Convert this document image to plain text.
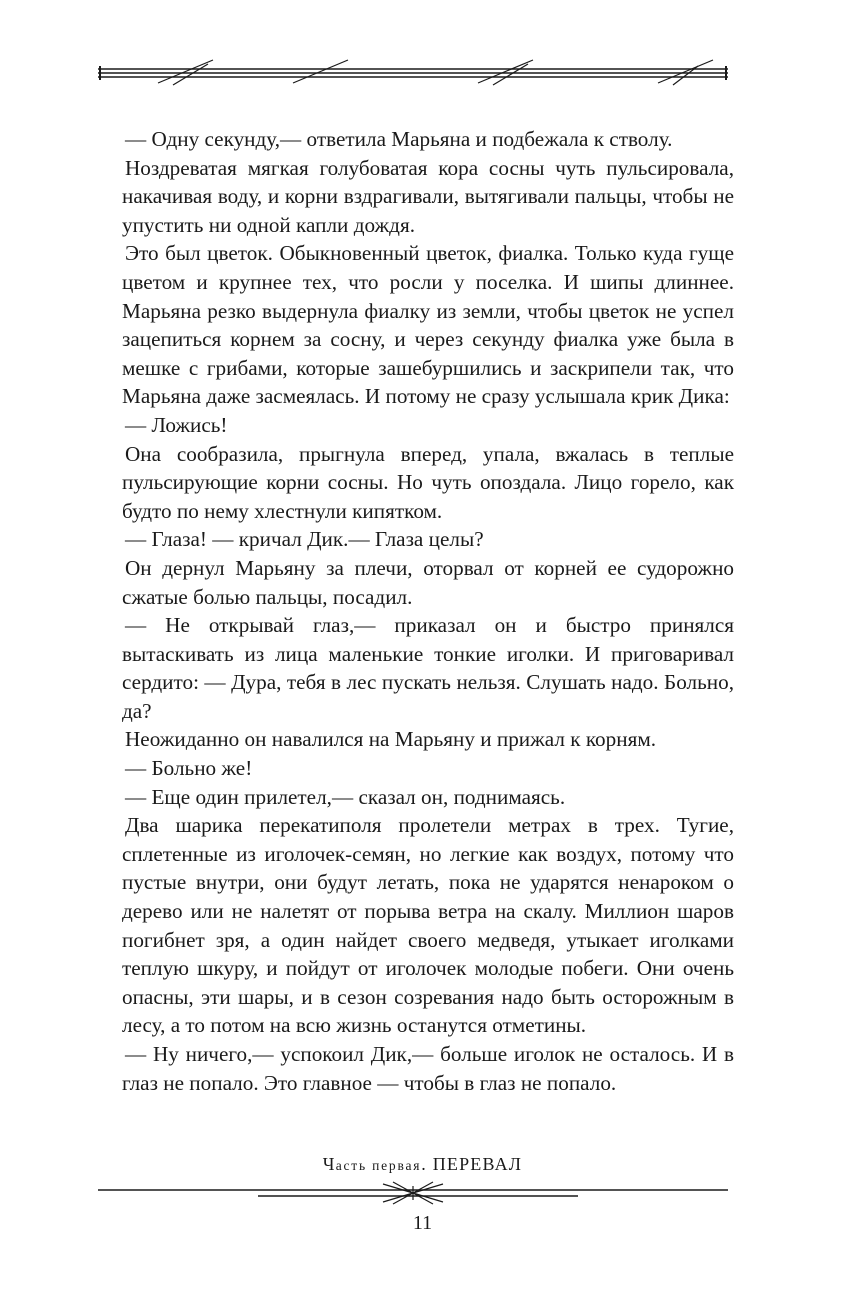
— Одну секунду,— ответила Марьяна и подбежала к стволу.

Ноздреватая мягкая голубоватая кора сосны чуть пульсировала, накачивая воду, и корни вздрагивали, вытягивали пальцы, чтобы не упустить ни одной капли дождя.

Это был цветок. Обыкновенный цветок, фиалка. Только куда гуще цветом и крупнее тех, что росли у поселка. И шипы длиннее. Марьяна резко выдернула фиалку из земли, чтобы цветок не успел зацепиться корнем за сосну, и через секунду фиалка уже была в мешке с грибами, которые зашебуршились и заскрипели так, что Марьяна даже засмеялась. И потому не сразу услышала крик Дика:

— Ложись!

Она сообразила, прыгнула вперед, упала, вжалась в теплые пульсирующие корни сосны. Но чуть опоздала. Лицо горело, как будто по нему хлестнули кипятком.

— Глаза! — кричал Дик.— Глаза целы?

Он дернул Марьяну за плечи, оторвал от корней ее судорожно сжатые болью пальцы, посадил.

— Не открывай глаз,— приказал он и быстро принялся вытаскивать из лица маленькие тонкие иголки. И приговаривал сердито: — Дура, тебя в лес пускать нельзя. Слушать надо. Больно, да?

Неожиданно он навалился на Марьяну и прижал к корням.

— Больно же!

— Еще один прилетел,— сказал он, поднимаясь.

Два шарика перекатиполя пролетели метрах в трех. Тугие, сплетенные из иголочек-семян, но легкие как воздух, потому что пустые внутри, они будут летать, пока не ударятся ненароком о дерево или не налетят от порыва ветра на скалу. Миллион шаров погибнет зря, а один найдет своего медведя, утыкает иголками теплую шкуру, и пойдут от иголочек молодые побеги. Они очень опасны, эти шары, и в сезон созревания надо быть осторожным в лесу, а то потом на всю жизнь останутся отметины.

— Ну ничего,— успокоил Дик,— больше иголок не осталось. И в глаз не попало. Это главное — чтобы в глаз не попало.

Часть первая. ПЕРЕВАЛ
11
